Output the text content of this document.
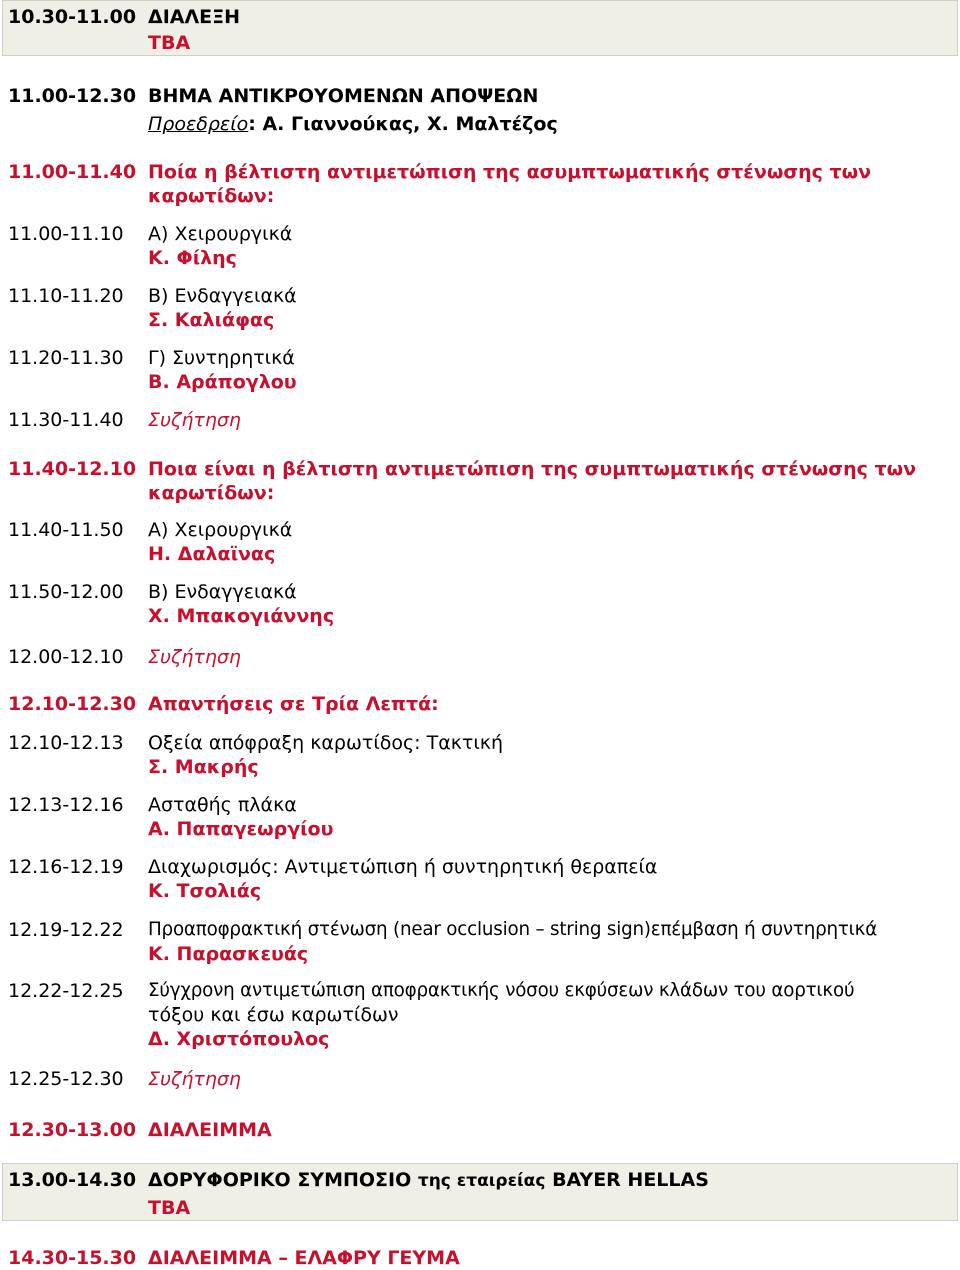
10.30-11.00 ΔΙΑΛΕΞΗ
TBA
11.00-12.30 ΒΗΜΑ ΑΝΤΙΚΡΟΥΟΜΕΝΩΝ ΑΠΟΨΕΩΝ
Προεδρείο: Α. Γιαννούκας, Χ. Μαλτέζος
11.00-11.40 Ποία η βέλτιστη αντιμετώπιση της ασυμπτωματικής στένωσης των
καρωτίδων:
11.00-11.10 Α) Χειρουργικά
Κ. Φίλης
11.10-11.20 Β) Ενδαγγειακά
Σ. Καλιάφας
11.20-11.30 Γ) Συντηρητικά
Β. Αράπογλου
11.30-11.40 Συζήτηση
11.40-12.10 Ποια είναι η βέλτιστη αντιμετώπιση της συμπτωματικής στένωσης των
καρωτίδων:
11.40-11.50 Α) Χειρουργικά
Η. Δαλαϊνας
11.50-12.00 Β) Ενδαγγειακά
Χ. Μπακογιάννης
12.00-12.10 Συζήτηση
12.10-12.30 Απαντήσεις σε Τρία Λεπτά:
12.10-12.13 Οξεία απόφραξη καρωτίδος: Τακτική
Σ. Μακρής
12.13-12.16 Ασταθής πλάκα
Α. Παπαγεωργίου
12.16-12.19 Διαχωρισμός: Αντιμετώπιση ή συντηρητική θεραπεία
Κ. Τσολιάς
12.19-12.22 Προαποφρακτική στένωση (near occlusion – string sign)επέμβαση ή συντηρητικά
Κ. Παρασκευάς
12.22-12.25 Σύγχρονη αντιμετώπιση αποφρακτικής νόσου εκφύσεων κλάδων του αορτικού
τόξου και έσω καρωτίδων
Δ. Χριστόπουλος
12.25-12.30 Συζήτηση
12.30-13.00 ΔΙΑΛΕΙΜΜΑ
13.00-14.30 ΔΟΡΥΦΟΡΙΚΟ ΣΥΜΠΟΣΙΟ της εταιρείας BAYER HELLAS
TBA
14.30-15.30 ΔΙΑΛΕΙΜΜΑ – ΕΛΑΦΡΥ ΓΕΥΜΑ
